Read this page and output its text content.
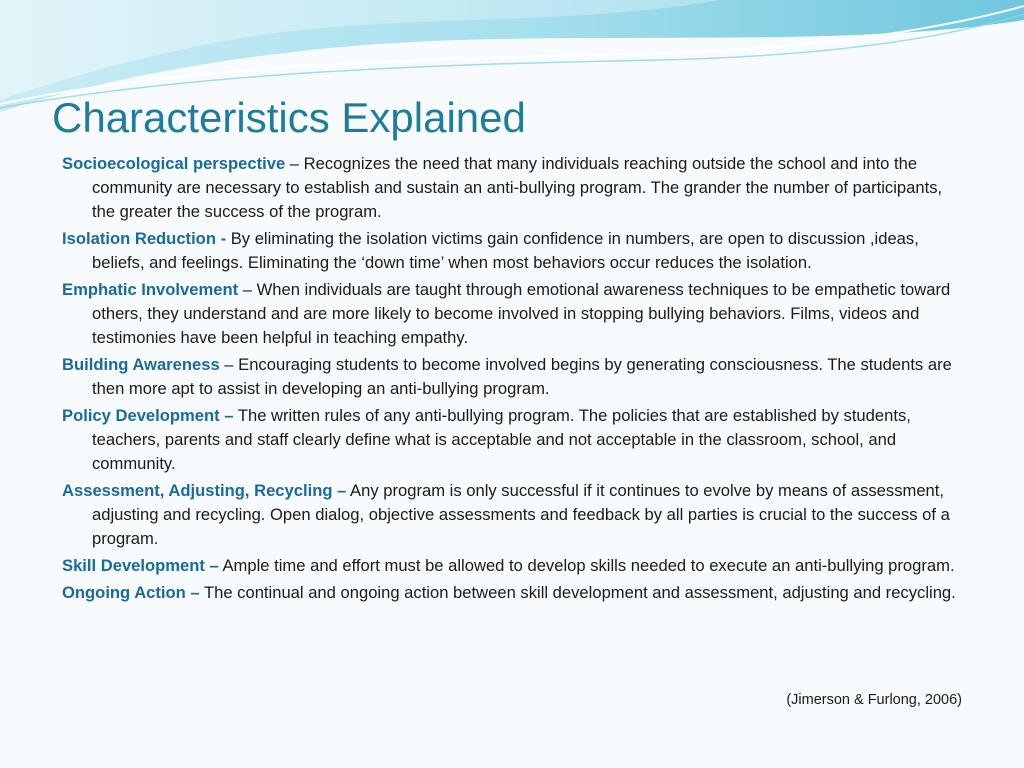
Characteristics Explained

Socioecological perspective – Recognizes the need that many individuals reaching outside the school and into the community are necessary to establish and sustain an anti-bullying program. The grander the number of participants, the greater the success of the program.

Isolation Reduction - By eliminating the isolation victims gain confidence in numbers, are open to discussion ,ideas, beliefs, and feelings. Eliminating the ‘down time’ when most behaviors occur reduces the isolation.

Emphatic Involvement – When individuals are taught through emotional awareness techniques to be empathetic toward others, they understand and are more likely to become involved in stopping bullying behaviors. Films, videos and testimonies have been helpful in teaching empathy.

Building Awareness – Encouraging students to become involved begins by generating consciousness. The students are then more apt to assist in developing an anti-bullying program.

Policy Development – The written rules of any anti-bullying program. The policies that are established by students, teachers, parents and staff clearly define what is acceptable and not acceptable in the classroom, school, and community.

Assessment, Adjusting, Recycling – Any program is only successful if it continues to evolve by means of assessment, adjusting and recycling. Open dialog, objective assessments and feedback by all parties is crucial to the success of a program.

Skill Development – Ample time and effort must be allowed to develop skills needed to execute an anti-bullying program.

Ongoing Action – The continual and ongoing action between skill development and assessment, adjusting and recycling.

(Jimerson & Furlong, 2006)
